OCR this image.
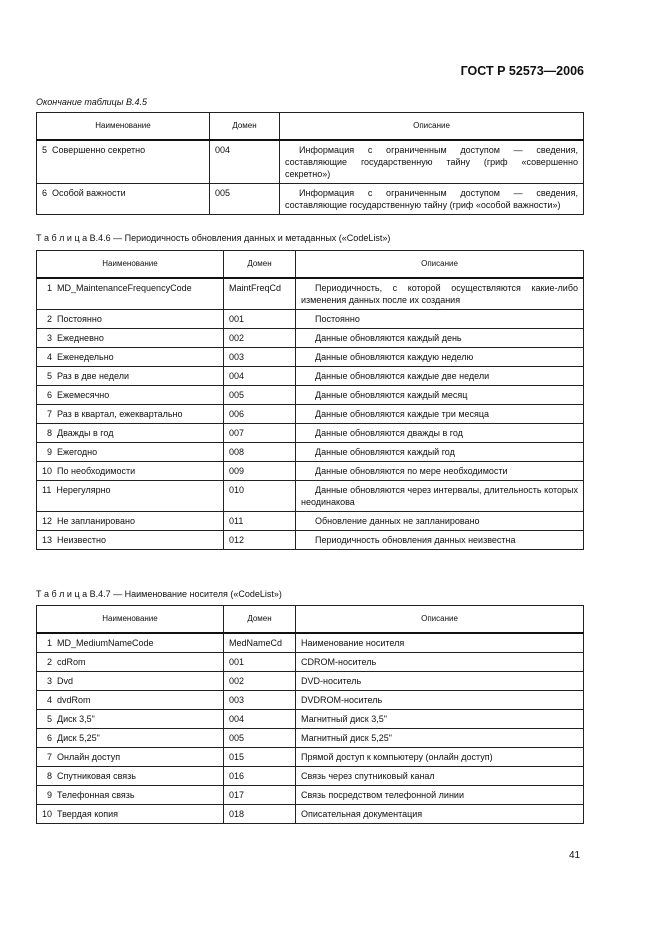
ГОСТ Р 52573—2006
Окончание таблицы В.4.5
Наименование	Домен	Описание
5  Совершенно секретно	004	Информация с ограниченным доступом — сведения, составляющие государственную тайну (гриф «совершенно секретно»)
6  Особой важности	005	Информация с ограниченным доступом — сведения, составляющие государственную тайну (гриф «особой важности»)
Т а б л и ц а В.4.6 — Периодичность обновления данных и метаданных («CodeList»)
Наименование	Домен	Описание
1  MD_MaintenanceFrequencyCode	MaintFreqCd	Периодичность, с которой осуществляются какие-либо изменения данных после их создания
2  Постоянно	001	Постоянно
3  Ежедневно	002	Данные обновляются каждый день
4  Еженедельно	003	Данные обновляются каждую неделю
5  Раз в две недели	004	Данные обновляются каждые две недели
6  Ежемесячно	005	Данные обновляются каждый месяц
7  Раз в квартал, ежеквартально	006	Данные обновляются каждые три месяца
8  Дважды в год	007	Данные обновляются дважды в год
9  Ежегодно	008	Данные обновляются каждый год
10  По необходимости	009	Данные обновляются по мере необходимости
11  Нерегулярно	010	Данные обновляются через интервалы, длительность которых неодинакова
12  Не запланировано	011	Обновление данных не запланировано
13  Неизвестно	012	Периодичность обновления данных неизвестна
Т а б л и ц а В.4.7 — Наименование носителя («CodeList»)
Наименование	Домен	Описание
1  MD_MediumNameCode	MedNameCd	Наименование носителя
2  cdRom	001	CDROM-носитель
3  Dvd	002	DVD-носитель
4  dvdRom	003	DVDROM-носитель
5  Диск 3,5"	004	Магнитный диск 3,5"
6  Диск 5,25"	005	Магнитный диск 5,25"
7  Онлайн доступ	015	Прямой доступ к компьютеру (онлайн доступ)
8  Спутниковая связь	016	Связь через спутниковый канал
9  Телефонная связь	017	Связь посредством телефонной линии
10  Твердая копия	018	Описательная документация
41
